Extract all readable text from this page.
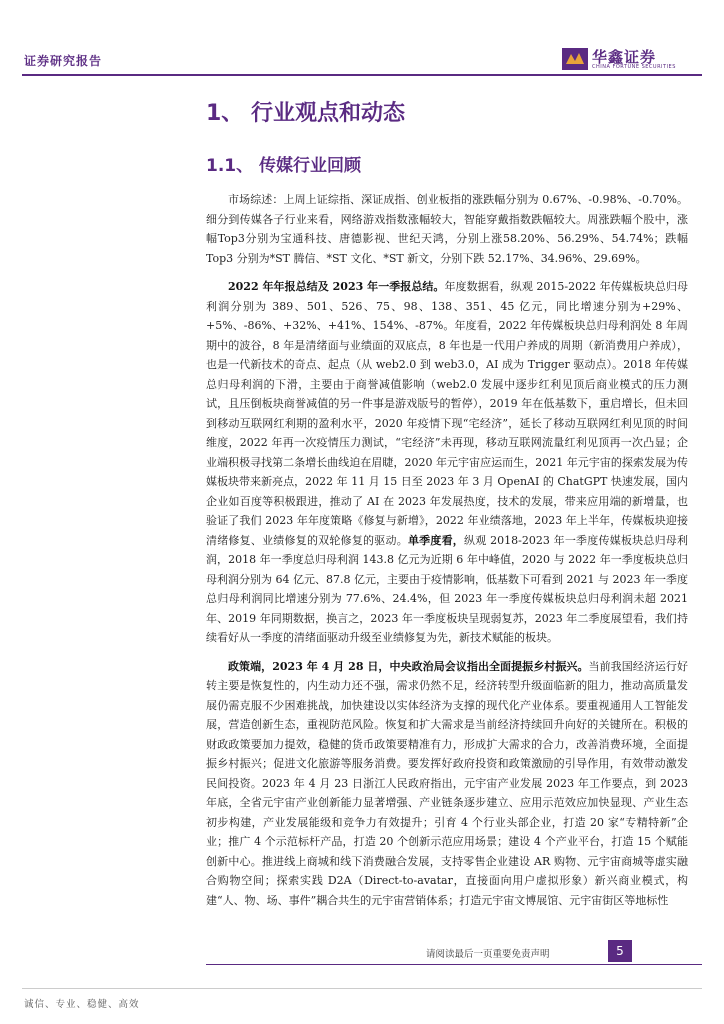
证券研究报告	华鑫证券
CHINA FORTUNE SECURITIES
1、 行业观点和动态
1.1、 传媒行业回顾

市场综述：上周上证综指、深证成指、创业板指的涨跌幅分别为 0.67%、-0.98%、-0.70%。细分到传媒各子行业来看，网络游戏指数涨幅较大，智能穿戴指数跌幅较大。周涨跌幅个股中，涨幅Top3分别为宝通科技、唐德影视、世纪天鸿，分别上涨58.20%、56.29%、54.74%；跌幅 Top3 分别为*ST 腾信、*ST 文化、*ST 新文，分别下跌 52.17%、34.96%、29.69%。

2022 年年报总结及 2023 年一季报总结。年度数据看，纵观 2015-2022 年传媒板块总归母利润分别为 389、501、526、75、98、138、351、45 亿元，同比增速分别为+29%、+5%、-86%、+32%、+41%、154%、-87%。年度看，2022 年传媒板块总归母利润处 8 年周期中的波谷，8 年是清绪面与业绩面的双底点，8 年也是一代用户养成的周期（新消费用户养成），也是一代新技术的奇点、起点（从 web2.0 到 web3.0，AI 成为 Trigger 驱动点）。2018 年传媒总归母利润的下滑，主要由于商誉减值影响（web2.0 发展中逐步红利见顶后商业模式的压力测试，且压倒板块商誉减值的另一件事是游戏版号的暂停），2019 年在低基数下，重启增长，但未回到移动互联网红利期的盈利水平，2020 年疫情下现“宅经济”，延长了移动互联网红利见顶的时间维度，2022 年再一次疫情压力测试，“宅经济”未再现，移动互联网流量红利见顶再一次凸显；企业端积极寻找第二条增长曲线迫在眉睫，2020 年元宇宙应运而生，2021 年元宇宙的探索发展为传媒板块带来新亮点，2022 年 11 月 15 日至 2023 年 3 月 OpenAI 的 ChatGPT 快速发展，国内企业如百度等积极跟进，推动了 AI 在 2023 年发展热度，技术的发展，带来应用端的新增量，也验证了我们 2023 年年度策略《修复与新增》，2022 年业绩落地，2023 年上半年，传媒板块迎接清绪修复、业绩修复的双轮修复的驱动。单季度看，纵观 2018-2023 年一季度传媒板块总归母利润，2018 年一季度总归母利润 143.8 亿元为近期 6 年中峰值，2020 与 2022 年一季度板块总归母利润分别为 64 亿元、87.8 亿元，主要由于疫情影响，低基数下可看到 2021 与 2023 年一季度总归母利润同比增速分别为 77.6%、24.4%，但 2023 年一季度传媒板块总归母利润未超 2021 年、2019 年同期数据，换言之，2023 年一季度板块呈现弱复苏，2023 年二季度展望看，我们持续看好从一季度的清绪面驱动升级至业绩修复为先，新技术赋能的板块。

政策端，2023 年 4 月 28 日，中央政治局会议指出全面提振乡村振兴。当前我国经济运行好转主要是恢复性的，内生动力还不强，需求仍然不足，经济转型升级面临新的阻力，推动高质量发展仍需克服不少困难挑战，加快建设以实体经济为支撑的现代化产业体系。要重视通用人工智能发展，营造创新生态，重视防范风险。恢复和扩大需求是当前经济持续回升向好的关键所在。积极的财政政策要加力提效，稳健的货币政策要精准有力，形成扩大需求的合力，改善消费环境，全面提振乡村振兴；促进文化旅游等服务消费。要发挥好政府投资和政策激励的引导作用，有效带动激发民间投资。2023 年 4 月 23 日浙江人民政府指出，元宇宙产业发展 2023 年工作要点，到 2023 年底，全省元宇宙产业创新能力显著增强、产业链条逐步建立、应用示范效应加快显现、产业生态初步构建，产业发展能级和竞争力有效提升；引育 4 个行业头部企业，打造 20 家“专精特新”企业；推广 4 个示范标杆产品，打造 20 个创新示范应用场景；建设 4 个产业平台，打造 15 个赋能创新中心。推进线上商城和线下消费融合发展，支持零售企业建设 AR 购物、元宇宙商城等虚实融合购物空间；探索实践 D2A（Direct-to-avatar，直接面向用户虚拟形象）新兴商业模式，构建“人、物、场、事件”耦合共生的元宇宙营销体系；打造元宇宙文博展馆、元宇宙街区等地标性

请阅读最后一页重要免责声明	5
诚信、专业、稳健、高效
